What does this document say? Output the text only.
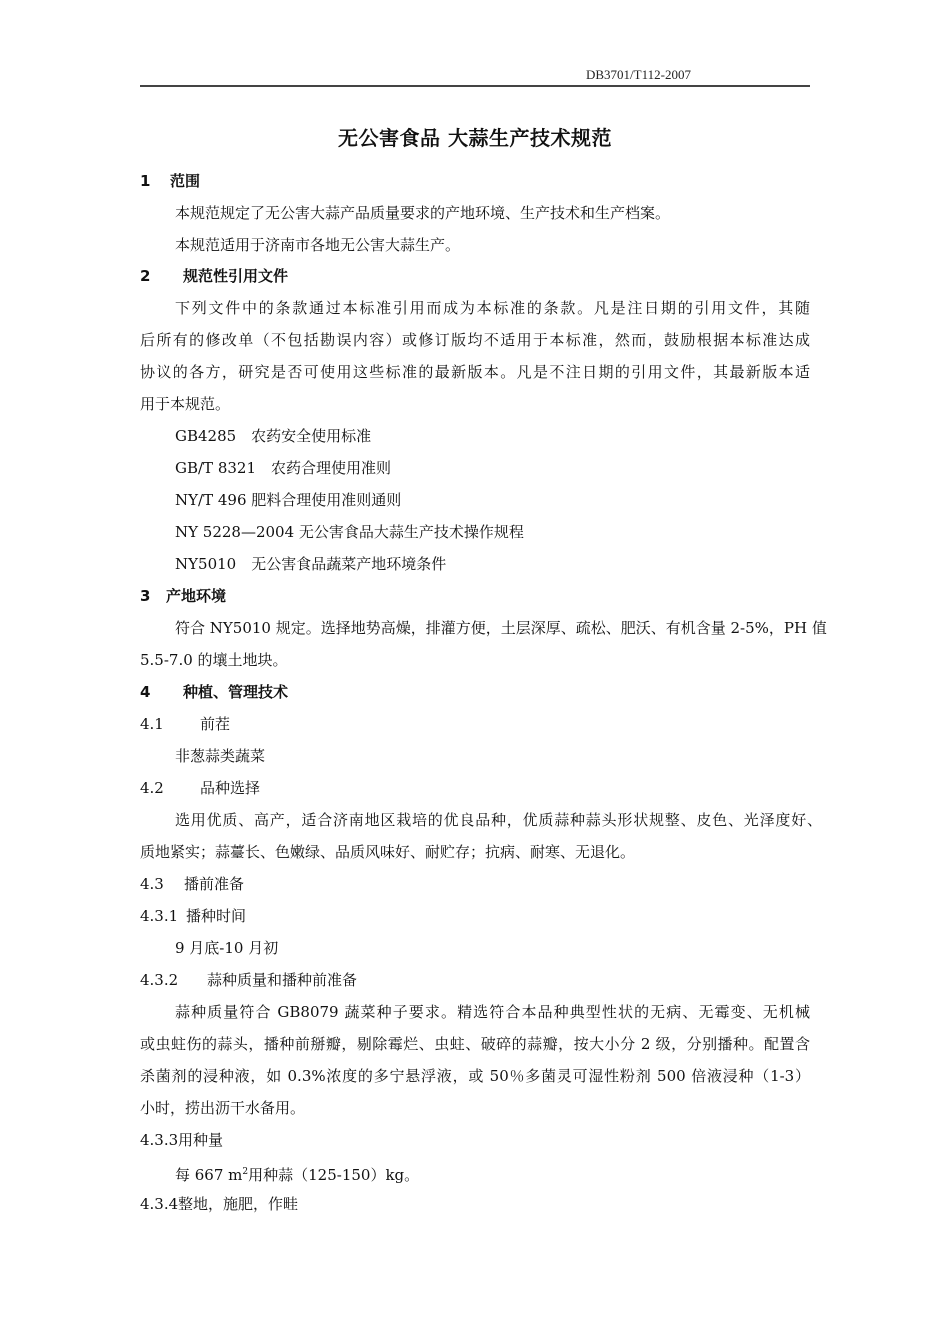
DB3701/T112-2007
无公害食品 大蒜生产技术规范
1 范围
本规范规定了无公害大蒜产品质量要求的产地环境、生产技术和生产档案。
本规范适用于济南市各地无公害大蒜生产。
2 规范性引用文件
下列文件中的条款通过本标准引用而成为本标准的条款。凡是注日期的引用文件，其随
后所有的修改单（不包括勘误内容）或修订版均不适用于本标准，然而，鼓励根据本标准达成
协议的各方，研究是否可使用这些标准的最新版本。凡是不注日期的引用文件，其最新版本适
用于本规范。
GB4285　农药安全使用标准
GB/T 8321　农药合理使用准则
NY/T 496 肥料合理使用准则通则
NY 5228—2004 无公害食品大蒜生产技术操作规程
NY5010　无公害食品蔬菜产地环境条件
3 产地环境
符合 NY5010 规定。选择地势高燥，排灌方便，土层深厚、疏松、肥沃、有机含量 2-5%，PH 值
5.5-7.0 的壤土地块。
4 种植、管理技术
4.1 前茬
非葱蒜类蔬菜
4.2 品种选择
选用优质、高产，适合济南地区栽培的优良品种，优质蒜种蒜头形状规整、皮色、光泽度好、
质地紧实；蒜薹长、色嫩绿、品质风味好、耐贮存；抗病、耐寒、无退化。
4.3 播前准备
4.3.1 播种时间
9 月底-10 月初
4.3.2 蒜种质量和播种前准备
蒜种质量符合 GB8079 蔬菜种子要求。精选符合本品种典型性状的无病、无霉变、无机械
或虫蛀伤的蒜头，播种前掰瓣，剔除霉烂、虫蛀、破碎的蒜瓣，按大小分 2 级，分别播种。配置含
杀菌剂的浸种液，如 0.3%浓度的多宁悬浮液，或 50％多菌灵可湿性粉剂 500 倍液浸种（1-3）
小时，捞出沥干水备用。
4.3.3用种量
每 667 $m^2$用种蒜（125-150）kg。
4.3.4整地，施肥，作畦
